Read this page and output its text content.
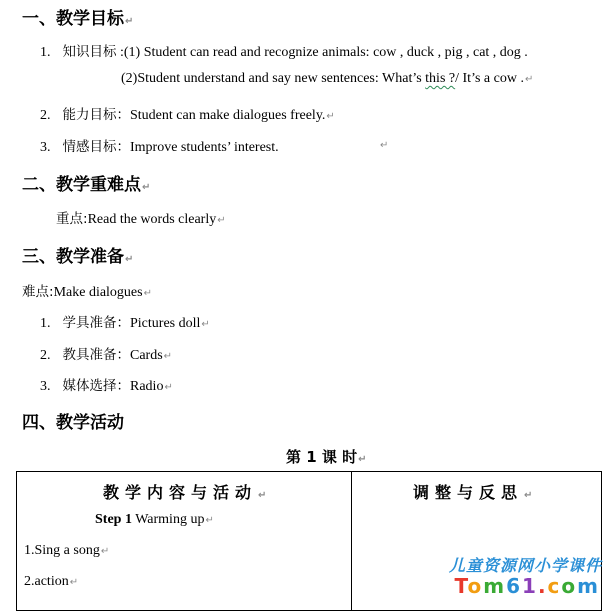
一、教学目标↵
1. 知识目标 :(1) Student can read and recognize animals: cow , duck , pig , cat , dog .
(2)Student understand and say new sentences: What’s this ?/ It’s a cow .↵
2. 能力目标：Student can make dialogues freely.↵
3. 情感目标：Improve students’ interest.	↵
二、教学重难点↵
重点:Read the words clearly↵
三、教学准备↵
难点:Make dialogues↵
1. 学具准备：Pictures doll↵
2. 教具准备：Cards↵
3. 媒体选择：Radio↵
四、教学活动
第 1 课 时↵
教学内容与活动↵	调整与反思↵
Step 1 Warming up↵
1.Sing a song↵
2.action↵
儿童资源网小学课件
Tom61.com
